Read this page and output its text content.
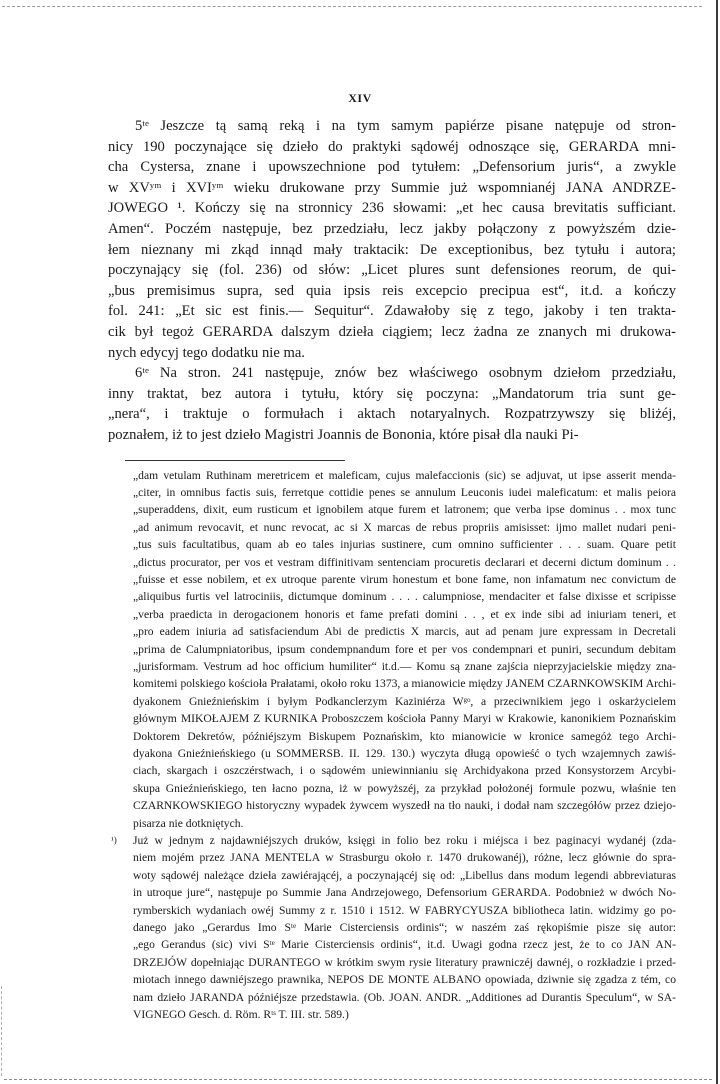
XIV

5ᵗᵉ Jeszcze tą samą reką i na tym samym papiérze pisane natępuje od stron-
nicy 190 poczynające się dzieło do praktyki sądowéj odnoszące się, GERARDA mni-
cha Cystersa, znane i upowszechnione pod tytułem: „Defensorium juris“, a zwykle
w XVʸᵐ i XVIʸᵐ wieku drukowane przy Summie już wspomnianéj JANA ANDRZE-
JOWEGO ¹. Kończy się na stronnicy 236 słowami: „et hec causa brevitatis sufficiant.
Amen“. Poczém następuje, bez przedziału, lecz jakby połączony z powyższém dzie-
łem nieznany mi zkąd innąd mały traktacik: De exceptionibus, bez tytułu i autora;
poczynający się (fol. 236) od słów: „Licet plures sunt defensiones reorum, de qui-
„bus premisimus supra, sed quia ipsis reis excepcio precipua est“, it.d. a kończy
fol. 241: „Et sic est finis.— Sequitur“. Zdawałoby się z tego, jakoby i ten trakta-
cik był tegoż GERARDA dalszym dzieła ciągiem; lecz żadna ze znanych mi drukowa-
nych edycyj tego dodatku nie ma.

6ᵗᵉ Na stron. 241 następuje, znów bez właściwego osobnym dziełom przedziału,
inny traktat, bez autora i tytułu, który się poczyna: „Mandatorum tria sunt ge-
„nera“, i traktuje o formułach i aktach notaryalnych. Rozpatrzywszy się bliżéj,
poznałem, iż to jest dzieło Magistri Joannis de Bononia, które pisał dla nauki Pi-

„dam vetulam Ruthinam meretricem et maleficam, cujus malefaccionis (sic) se adjuvat, ut ipse asserit menda-
„citer, in omnibus factis suis, ferretque cottidie penes se annulum Leuconis iudei maleficatum: et malis peiora
„superaddens, dixit, eum rusticum et ignobilem atque furem et latronem; que verba ipse dominus . . mox tunc
„ad animum revocavit, et nunc revocat, ac si X marcas de rebus propriis amisisset: ijmo mallet nudari peni-
„tus suis facultatibus, quam ab eo tales injurias sustinere, cum omnino sufficienter . . . suam. Quare petit
„dictus procurator, per vos et vestram diffinitivam sentenciam procuretis declarari et decerni dictum dominum . .
„fuisse et esse nobilem, et ex utroque parente virum honestum et bone fame, non infamatum nec convictum de
„aliquibus furtis vel latrociniis, dictumque dominum . . . . calumpniose, mendaciter et false dixisse et scripisse
„verba praedicta in derogacionem honoris et fame prefati domini . . , et ex inde sibi ad iniuriam teneri, et
„pro eadem iniuria ad satisfaciendum Abi de predictis X marcis, aut ad penam jure expressam in Decretali
„prima de Calumpniatoribus, ipsum condempnandum fore et per vos condempnari et puniri, secundum debitam
„jurisformam. Vestrum ad hoc officium humiliter“ it.d.— Komu są znane zajścia nieprzyjacielskie między zna-
komitemi polskiego kościoła Prałatami, około roku 1373, a mianowicie między JANEM CZARNKOWSKIM Archi-
dyakonem Gnieźnieńskim i byłym Podkanclerzym Kaziniérza Wᵍᵒ, a przeciwnikiem jego i oskarżycielem
głównym MIKOŁAJEM Z KURNIKA Proboszczem kościoła Panny Maryi w Krakowie, kanonikiem Poznańskim
Doktorem Dekretów, późniéjszym Biskupem Poznańskim, kto mianowicie w kronice samegóż tego Archi-
dyakona Gnieźnieńskiego (u SOMMERSB. II. 129. 130.) wyczyta długą opowieść o tych wzajemnych zawiś-
ciach, skargach i oszczérstwach, i o sądowém uniewinnianiu się Archidyakona przed Konsystorzem Arcybi-
skupa Gnieźnieńskiego, ten łacno pozna, iż w powyższéj, za przykład położonéj formule pozwu, właśnie ten
CZARNKOWSKIEGO historyczny wypadek żywcem wyszedł na tło nauki, i dodał nam szczegółów przez dziejo-
pisarza nie dotkniętych.
¹) Już w jednym z najdawniéjszych druków, księgi in folio bez roku i miéjsca i bez paginacyi wydanéj (zda-
niem mojém przez JANA MENTELA w Strasburgu około r. 1470 drukowanéj), różne, lecz głównie do spra-
woty sądowéj należące dzieła zawiérającéj, a poczynającéj się od: „Libellus dans modum legendi abbreviaturas
in utroque jure“, następuje po Summie Jana Andrzejowego, Defensorium GERARDA. Podobnież w dwóch No-
rymberskich wydaniach owéj Summy z r. 1510 i 1512. W FABRYCYUSZA bibliotheca latin. widzimy go po-
danego jako „Gerardus Imo Sᵗᵉ Marie Cisterciensis ordinis“; w naszém zaś rękopiśmie pisze się autor:
„ego Gerandus (sic) vivi Sᵗᵉ Marie Cisterciensis ordinis“, it.d. Uwagi godna rzecz jest, że to co JAN AN-
DRZEJÓW dopełniając DURANTEGO w krótkim swym rysie literatury prawniczéj dawnéj, o rozkładzie i przed-
miotach innego dawniéjszego prawnika, NEPOS DE MONTE ALBANO opowiada, dziwnie się zgadza z tém, co
nam dzieło JARANDA późniéjsze przedstawia. (Ob. JOAN. ANDR. „Additiones ad Durantis Speculum“, w SA-
VIGNEGO Gesch. d. Röm. Rᵗˢ T. III. str. 589.)
